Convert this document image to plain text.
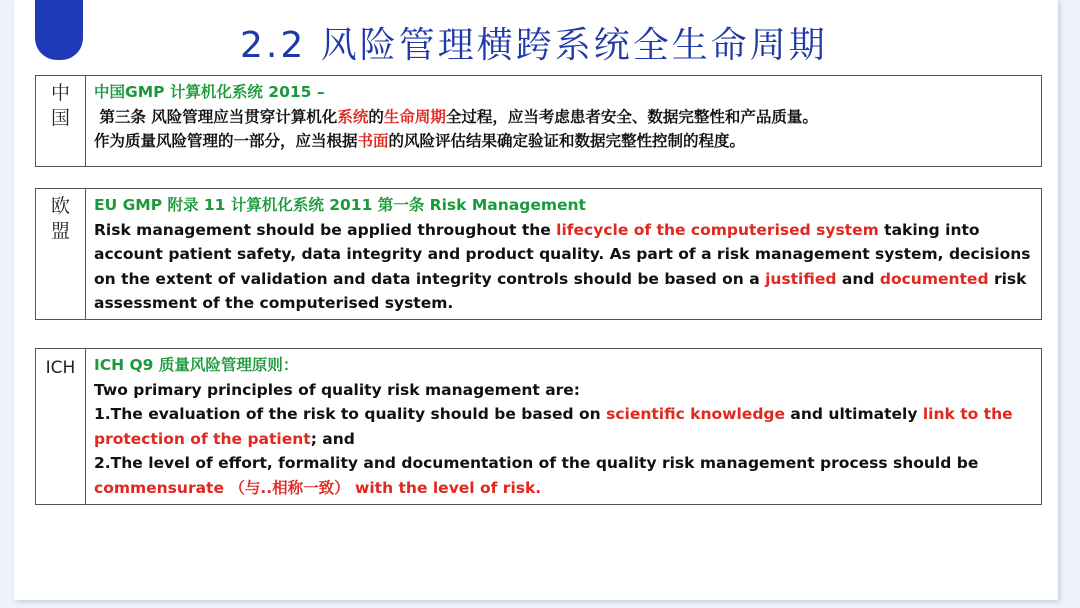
2.2 风险管理横跨系统全生命周期
中
国

中国GMP 计算机化系统 2015 –

第三条 风险管理应当贯穿计算机化系统的生命周期全过程，应当考虑患者安全、数据完整性和产品质量。

作为质量风险管理的一部分，应当根据书面的风险评估结果确定验证和数据完整性控制的程度。

欧
盟

EU GMP 附录 11 计算机化系统 2011 第一条 Risk Management

Risk management should be applied throughout the lifecycle of the computerised system taking into account patient safety, data integrity and product quality. As part of a risk management system, decisions on the extent of validation and data integrity controls should be based on a justified and documented risk assessment of the computerised system.

ICH	ICH Q9 质量风险管理原则：

Two primary principles of quality risk management are:

1.The evaluation of the risk to quality should be based on scientific knowledge and ultimately link to the protection of the patient; and

2.The level of effort, formality and documentation of the quality risk management process should be

commensurate （与..相称一致） with the level of risk.
